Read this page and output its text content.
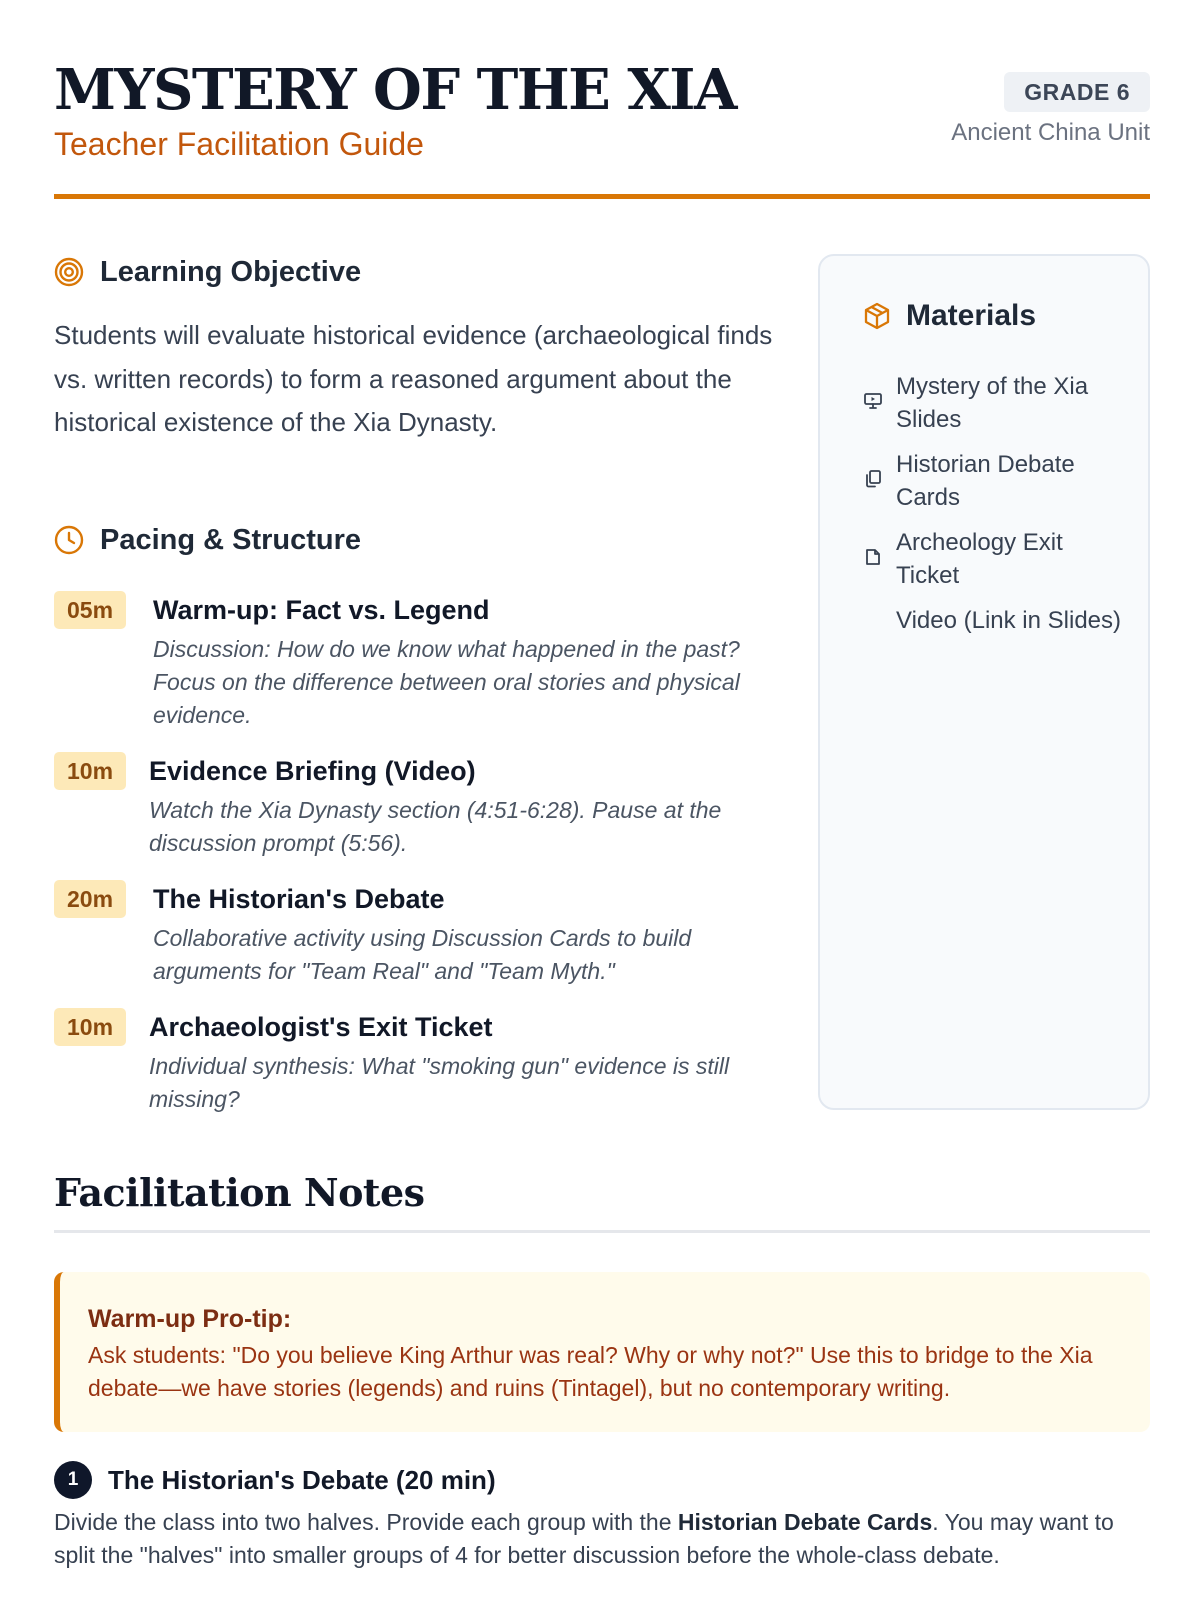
MYSTERY OF THE XIA
Teacher Facilitation Guide
GRADE 6
Ancient China Unit
Learning Objective
Students will evaluate historical evidence (archaeological finds vs. written records) to form a reasoned argument about the historical existence of the Xia Dynasty.
Pacing & Structure
05m	Warm-up: Fact vs. Legend
Discussion: How do we know what happened in the past? Focus on the difference between oral stories and physical evidence.
10m	Evidence Briefing (Video)
Watch the Xia Dynasty section (4:51-6:28). Pause at the discussion prompt (5:56).
20m	The Historian's Debate
Collaborative activity using Discussion Cards to build arguments for "Team Real" and "Team Myth."
10m	Archaeologist's Exit Ticket
Individual synthesis: What "smoking gun" evidence is still missing?
Materials
Mystery of the Xia Slides
Historian Debate Cards
Archeology Exit Ticket
Video (Link in Slides)
Facilitation Notes
Warm-up Pro-tip:
Ask students: "Do you believe King Arthur was real? Why or why not?" Use this to bridge to the Xia debate—we have stories (legends) and ruins (Tintagel), but no contemporary writing.
1	The Historian's Debate (20 min)
Divide the class into two halves. Provide each group with the Historian Debate Cards. You may want to split the "halves" into smaller groups of 4 for better discussion before the whole-class debate.
